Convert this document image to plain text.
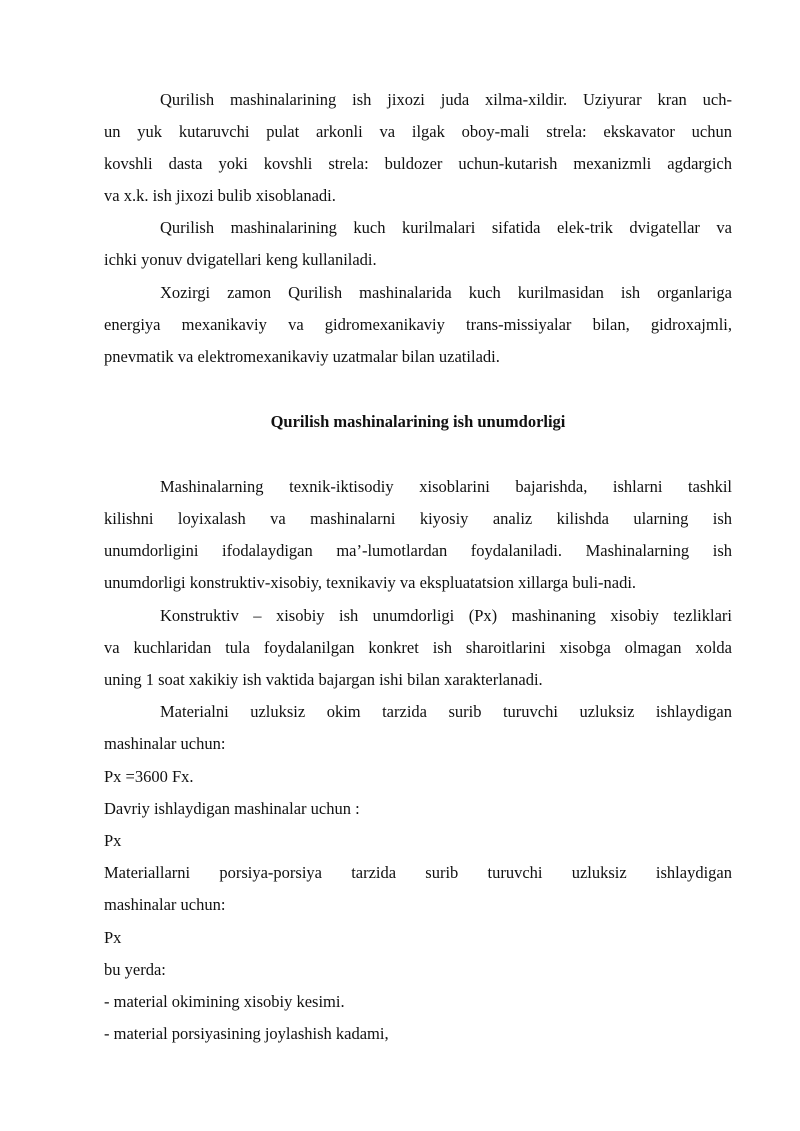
Qurilish mashinalarining ish jixozi juda xilma-xildir. Uziyurar kran uch-
un yuk kutaruvchi pulat arkonli va ilgak oboy-mali strela: ekskavator uchun
kovshli dasta yoki kovshli strela: buldozer uchun-kutarish mexanizmli agdargich
va x.k. ish jixozi bulib xisoblanadi.
Qurilish mashinalarining kuch kurilmalari sifatida elek-trik dvigatellar va
ichki yonuv dvigatellari keng kullaniladi.
Xozirgi zamon Qurilish mashinalarida kuch kurilmasidan ish organlariga
energiya mexanikaviy va gidromexanikaviy trans-missiyalar bilan, gidroxajmli,
pnevmatik va elektromexanikaviy uzatmalar bilan uzatiladi.
Qurilish mashinalarining ish unumdorligi
Mashinalarning texnik-iktisodiy xisoblarini bajarishda, ishlarni tashkil
kilishni loyixalash va mashinalarni kiyosiy analiz kilishda ularning ish
unumdorligini ifodalaydigan ma’-lumotlardan foydalaniladi. Mashinalarning ish
unumdorligi konstruktiv-xisobiy, texnikaviy va ekspluatatsion xillarga buli-nadi.
Konstruktiv – xisobiy ish unumdorligi (Px) mashinaning xisobiy tezliklari
va kuchlaridan tula foydalanilgan konkret ish sharoitlarini xisobga olmagan xolda
uning 1 soat xakikiy ish vaktida bajargan ishi bilan xarakterlanadi.
Materialni uzluksiz okim tarzida surib turuvchi uzluksiz ishlaydigan
mashinalar uchun:
Px =3600 Fx.
Davriy ishlaydigan mashinalar uchun :
Px
Materiallarni porsiya-porsiya tarzida surib turuvchi uzluksiz ishlaydigan
mashinalar uchun:
Px
bu yerda:
- material okimining xisobiy kesimi.
- material porsiyasining joylashish kadami,
